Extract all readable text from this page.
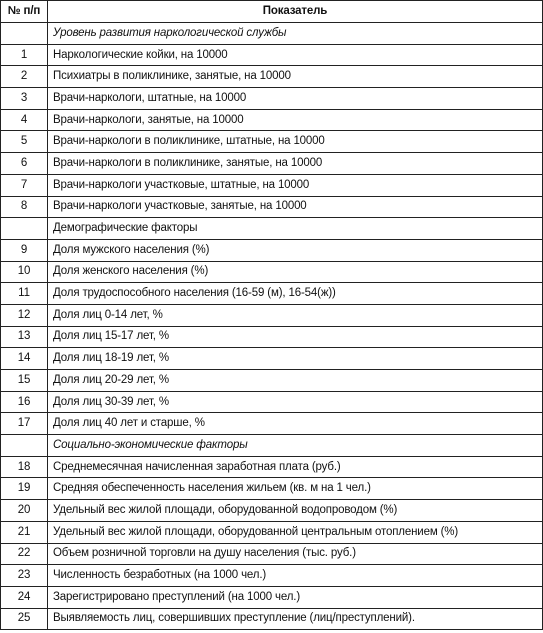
№ п/п	Показатель
	Уровень развития наркологической службы
1	Наркологические койки, на 10000
2	Психиатры в поликлинике, занятые, на 10000
3	Врачи-наркологи, штатные, на 10000
4	Врачи-наркологи, занятые, на 10000
5	Врачи-наркологи в поликлинике, штатные, на 10000
6	Врачи-наркологи в поликлинике, занятые, на 10000
7	Врачи-наркологи участковые, штатные, на 10000
8	Врачи-наркологи участковые, занятые, на 10000
	Демографические факторы
9	Доля мужского населения (%)
10	Доля женского населения (%)
11	Доля трудоспособного населения (16-59 (м), 16-54(ж))
12	Доля лиц 0-14 лет, %
13	Доля лиц 15-17 лет, %
14	Доля лиц 18-19 лет, %
15	Доля лиц 20-29 лет, %
16	Доля лиц 30-39 лет, %
17	Доля лиц 40 лет и старше, %
	Социально-экономические факторы
18	Среднемесячная начисленная заработная плата (руб.)
19	Средняя обеспеченность населения жильем (кв. м на 1 чел.)
20	Удельный вес жилой площади, оборудованной водопроводом (%)
21	Удельный вес жилой площади, оборудованной центральным отоплением (%)
22	Объем розничной торговли на душу населения (тыс. руб.)
23	Численность безработных (на 1000 чел.)
24	Зарегистрировано преступлений (на 1000 чел.)
25	Выявляемость лиц, совершивших преступление (лиц/преступлений).
